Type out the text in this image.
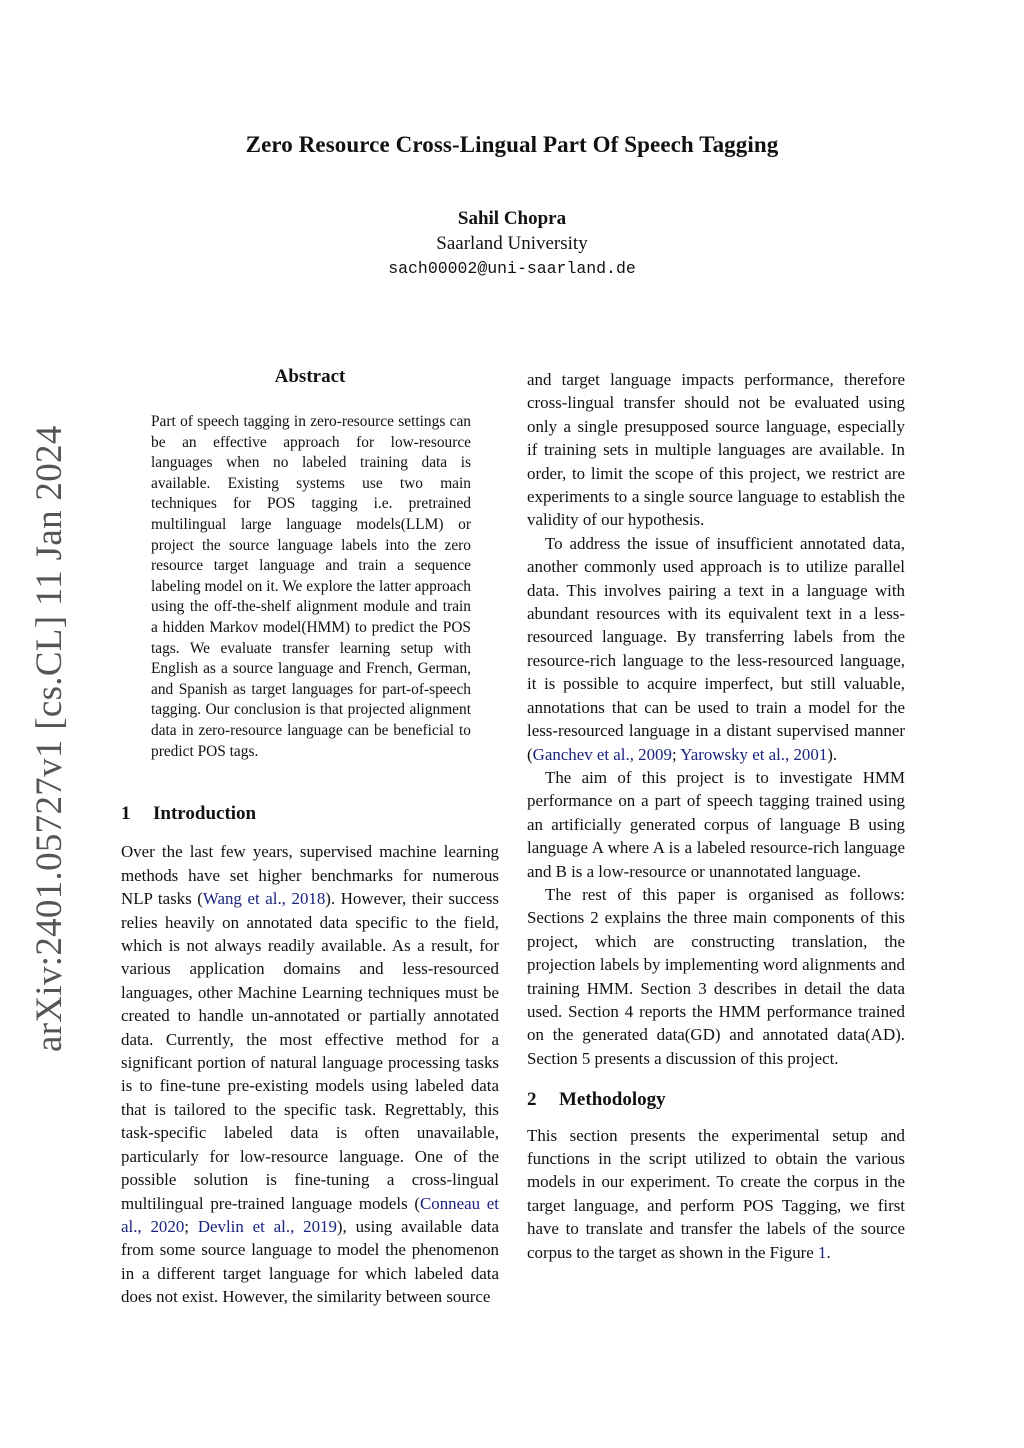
Zero Resource Cross-Lingual Part Of Speech Tagging
Sahil Chopra
Saarland University
sach00002@uni-saarland.de
arXiv:2401.05727v1 [cs.CL] 11 Jan 2024
Abstract
Part of speech tagging in zero-resource settings can be an effective approach for low-resource languages when no labeled training data is available. Existing systems use two main techniques for POS tagging i.e. pretrained multilingual large language models(LLM) or project the source language labels into the zero resource target language and train a sequence labeling model on it. We explore the latter approach using the off-the-shelf alignment module and train a hidden Markov model(HMM) to predict the POS tags. We evaluate transfer learning setup with English as a source language and French, German, and Spanish as target languages for part-of-speech tagging. Our conclusion is that projected alignment data in zero-resource language can be beneficial to predict POS tags.
1 Introduction

Over the last few years, supervised machine learning methods have set higher benchmarks for numerous NLP tasks (Wang et al., 2018). However, their success relies heavily on annotated data specific to the field, which is not always readily available. As a result, for various application domains and less-resourced languages, other Machine Learning techniques must be created to handle un-annotated or partially annotated data. Currently, the most effective method for a significant portion of natural language processing tasks is to fine-tune pre-existing models using labeled data that is tailored to the specific task. Regrettably, this task-specific labeled data is often unavailable, particularly for low-resource language. One of the possible solution is fine-tuning a cross-lingual multilingual pre-trained language models (Conneau et al., 2020; Devlin et al., 2019), using available data from some source language to model the phenomenon in a different target language for which labeled data does not exist. However, the similarity between source

and target language impacts performance, therefore cross-lingual transfer should not be evaluated using only a single presupposed source language, especially if training sets in multiple languages are available. In order, to limit the scope of this project, we restrict are experiments to a single source language to establish the validity of our hypothesis.

To address the issue of insufficient annotated data, another commonly used approach is to utilize parallel data. This involves pairing a text in a language with abundant resources with its equivalent text in a less-resourced language. By transferring labels from the resource-rich language to the less-resourced language, it is possible to acquire imperfect, but still valuable, annotations that can be used to train a model for the less-resourced language in a distant supervised manner (Ganchev et al., 2009; Yarowsky et al., 2001).

The aim of this project is to investigate HMM performance on a part of speech tagging trained using an artificially generated corpus of language B using language A where A is a labeled resource-rich language and B is a low-resource or unannotated language.

The rest of this paper is organised as follows: Sections 2 explains the three main components of this project, which are constructing translation, the projection labels by implementing word alignments and training HMM. Section 3 describes in detail the data used. Section 4 reports the HMM performance trained on the generated data(GD) and annotated data(AD). Section 5 presents a discussion of this project.

2 Methodology

This section presents the experimental setup and functions in the script utilized to obtain the various models in our experiment. To create the corpus in the target language, and perform POS Tagging, we first have to translate and transfer the labels of the source corpus to the target as shown in the Figure 1.
